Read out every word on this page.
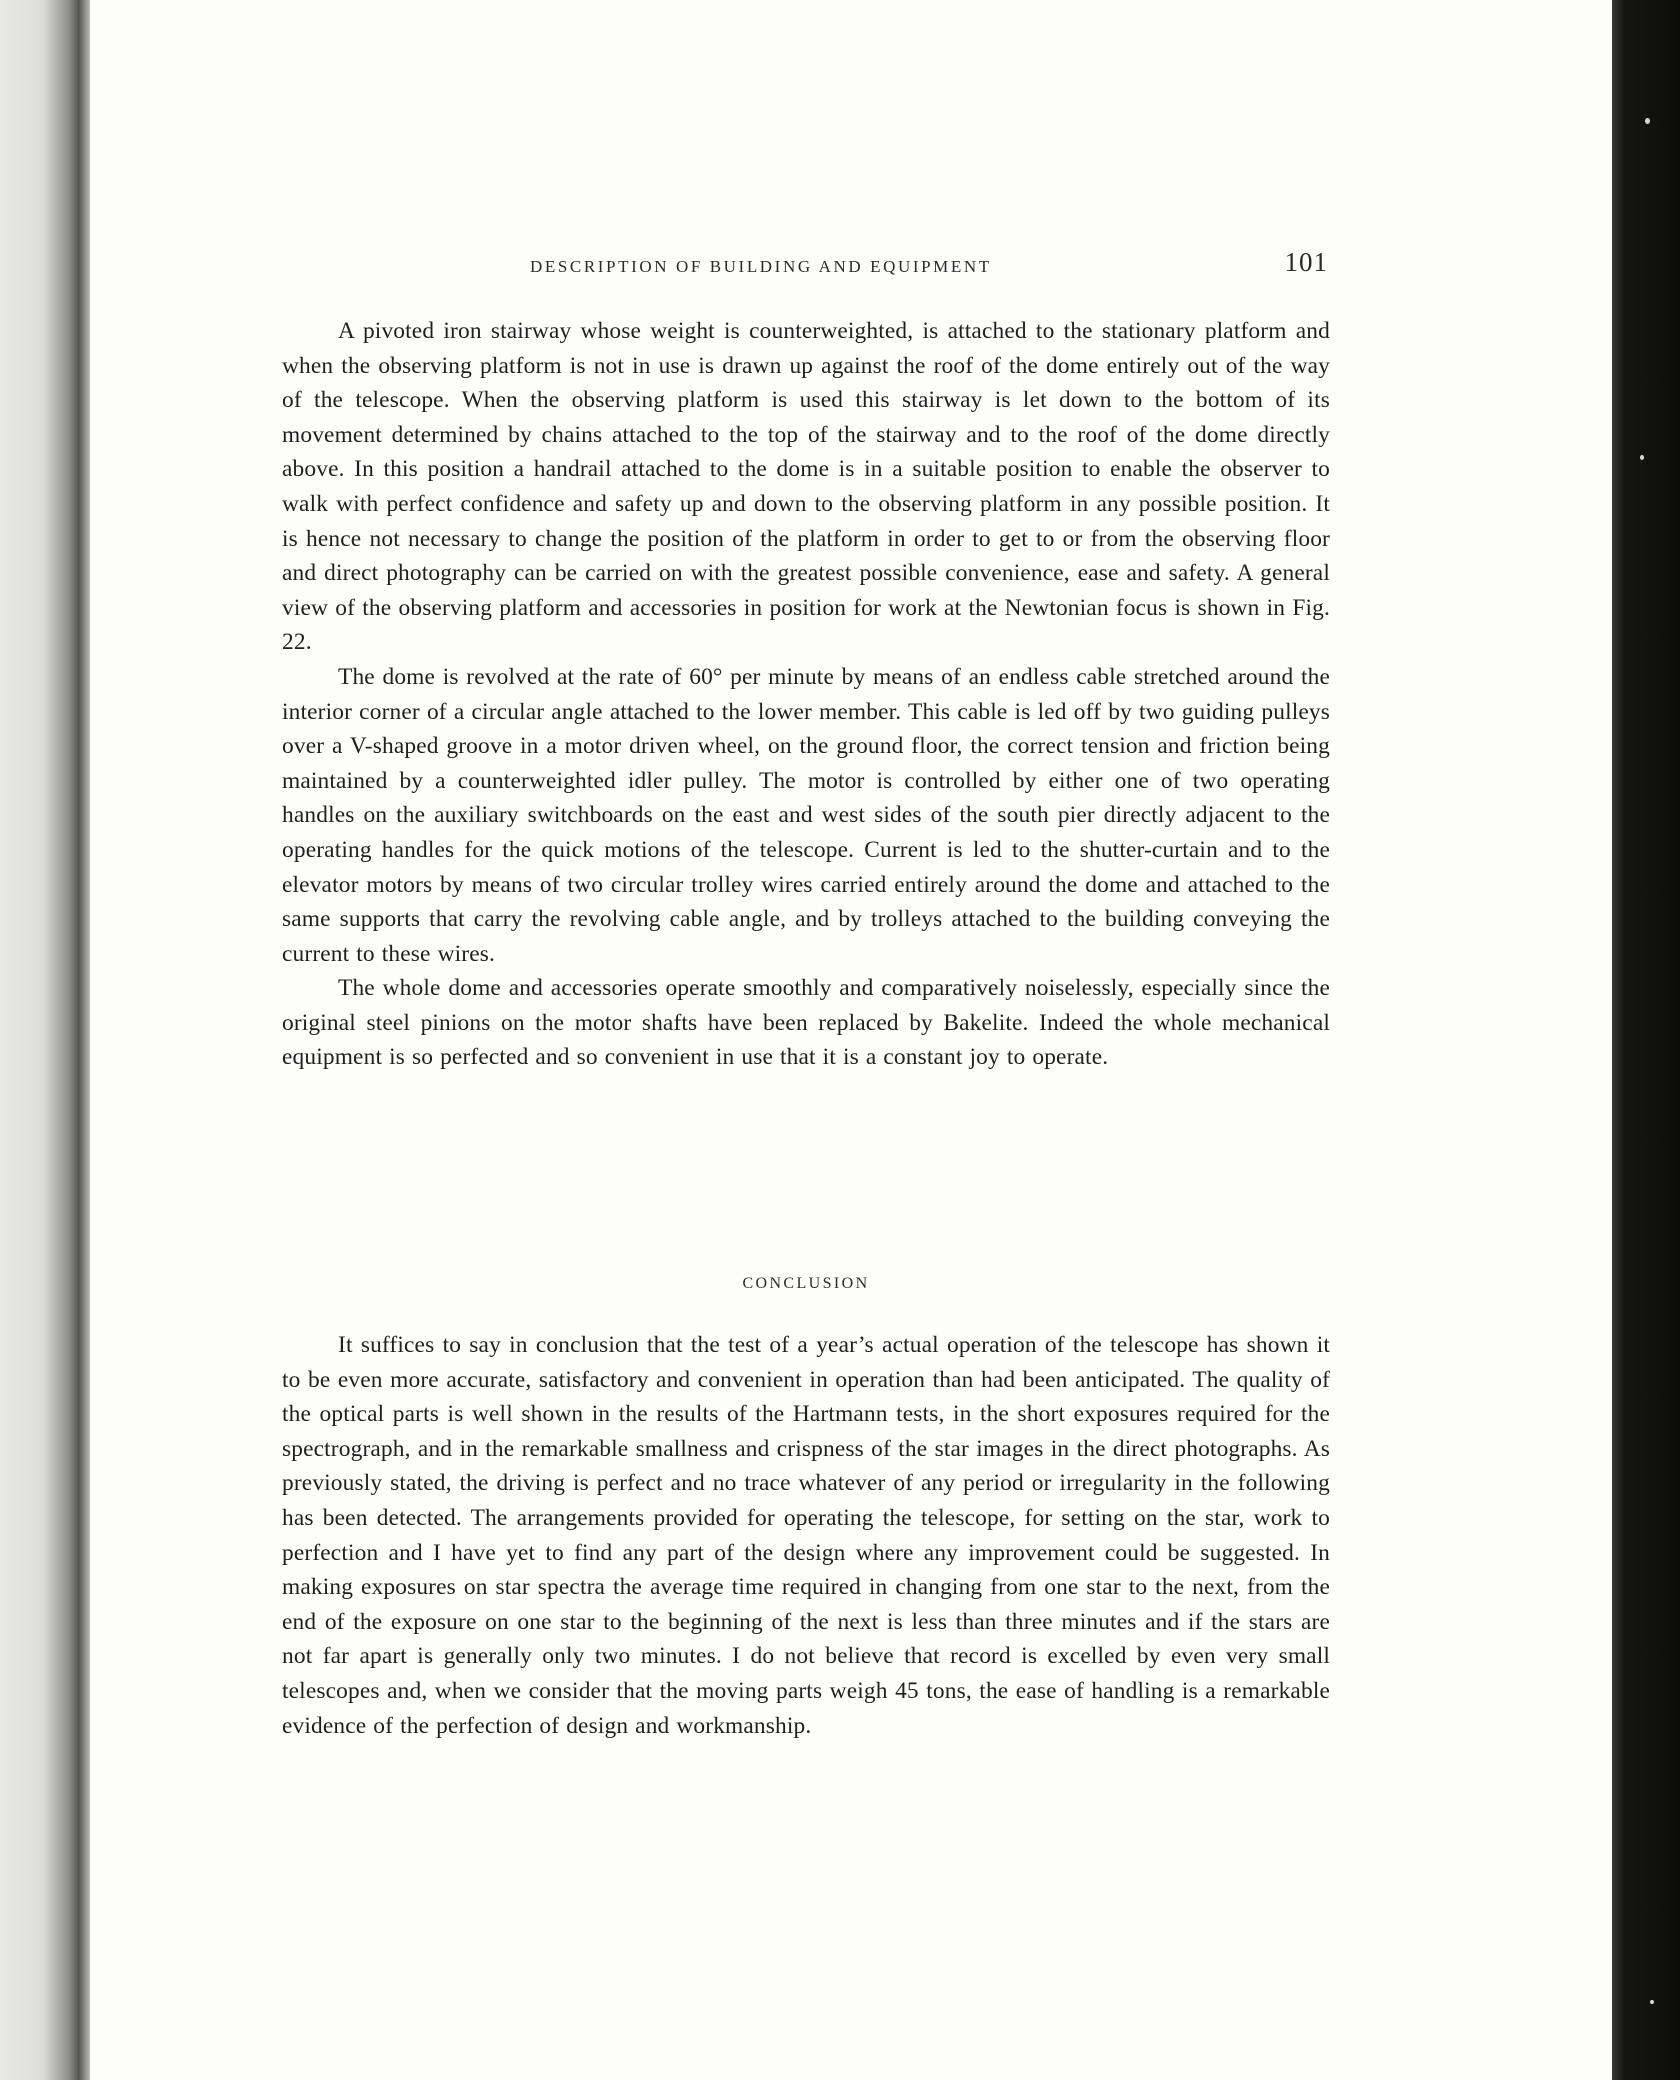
DESCRIPTION OF BUILDING AND EQUIPMENT	101

A pivoted iron stairway whose weight is counterweighted, is attached to the stationary platform and when the observing platform is not in use is drawn up against the roof of the dome entirely out of the way of the telescope. When the observing platform is used this stairway is let down to the bottom of its movement determined by chains attached to the top of the stairway and to the roof of the dome directly above. In this position a handrail attached to the dome is in a suitable position to enable the observer to walk with perfect confidence and safety up and down to the observing platform in any possible position. It is hence not necessary to change the position of the platform in order to get to or from the observing floor and direct photography can be carried on with the greatest possible convenience, ease and safety. A general view of the observing platform and accessories in position for work at the Newtonian focus is shown in Fig. 22.

The dome is revolved at the rate of 60° per minute by means of an endless cable stretched around the interior corner of a circular angle attached to the lower member. This cable is led off by two guiding pulleys over a V-shaped groove in a motor driven wheel, on the ground floor, the correct tension and friction being maintained by a counterweighted idler pulley. The motor is controlled by either one of two operating handles on the auxiliary switchboards on the east and west sides of the south pier directly adjacent to the operating handles for the quick motions of the telescope. Current is led to the shutter-curtain and to the elevator motors by means of two circular trolley wires carried entirely around the dome and attached to the same supports that carry the revolving cable angle, and by trolleys attached to the building conveying the current to these wires.

The whole dome and accessories operate smoothly and comparatively noiselessly, especially since the original steel pinions on the motor shafts have been replaced by Bakelite. Indeed the whole mechanical equipment is so perfected and so convenient in use that it is a constant joy to operate.

CONCLUSION

It suffices to say in conclusion that the test of a year’s actual operation of the telescope has shown it to be even more accurate, satisfactory and convenient in operation than had been anticipated. The quality of the optical parts is well shown in the results of the Hartmann tests, in the short exposures required for the spectrograph, and in the remarkable smallness and crispness of the star images in the direct photographs. As previously stated, the driving is perfect and no trace whatever of any period or irregularity in the following has been detected. The arrangements provided for operating the telescope, for setting on the star, work to perfection and I have yet to find any part of the design where any improvement could be suggested. In making exposures on star spectra the average time required in changing from one star to the next, from the end of the exposure on one star to the beginning of the next is less than three minutes and if the stars are not far apart is generally only two minutes. I do not believe that record is excelled by even very small telescopes and, when we consider that the moving parts weigh 45 tons, the ease of handling is a remarkable evidence of the perfection of design and workmanship.
